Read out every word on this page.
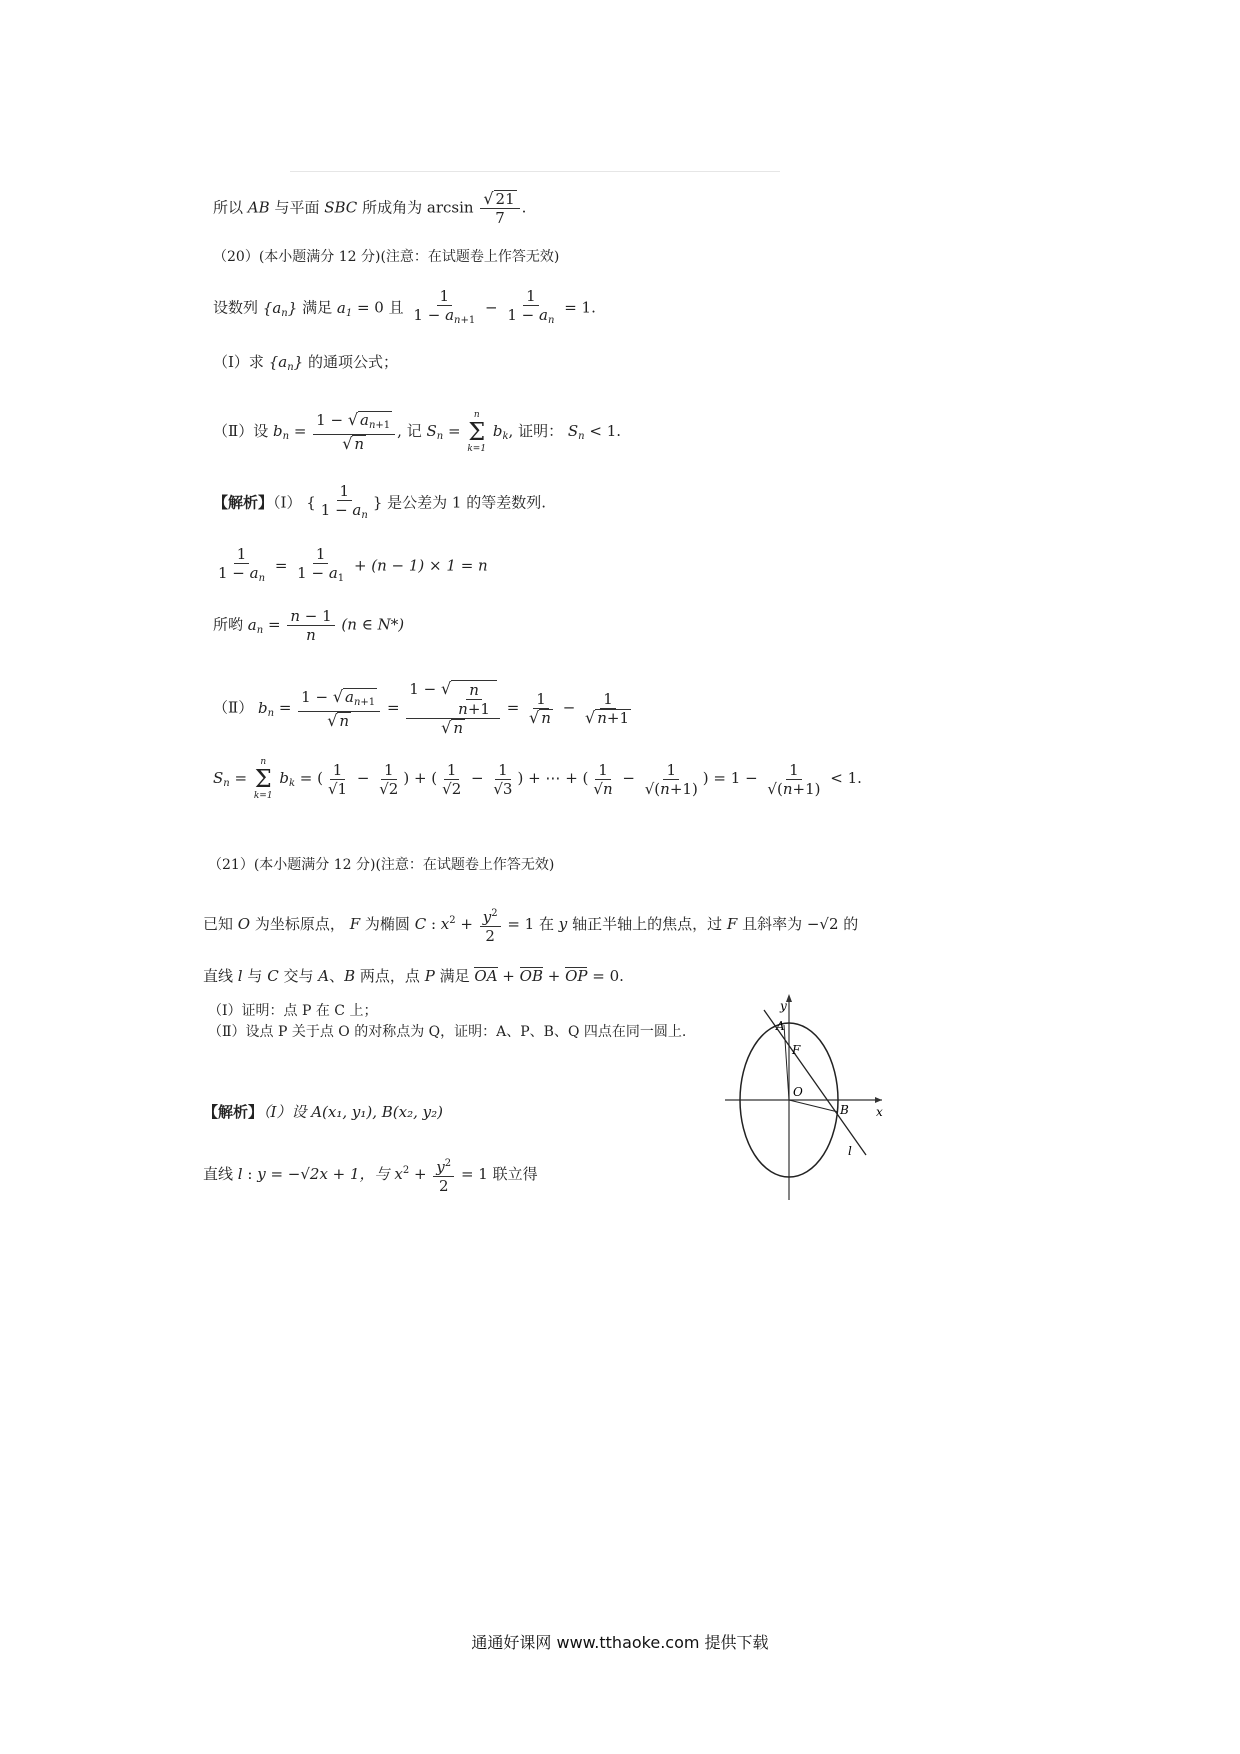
所以 AB 与平面 SBC 所成角为 $\arcsin \frac{√ 21}{7}$ .
（20）(本小题满分 12 分)(注意：在试题卷上作答无效)
设数列 $\{a_n\}$ 满足 $a_1 = 0$ 且 $\frac{1}{1 - a_{n+1}} - \frac{1}{1 - a_n} = 1$.
（Ⅰ）求 $\{a_n\}$ 的通项公式；
（Ⅱ）设 $b_n = \frac{1 - √ a_{n+1}}{√ n}$ , 记 $S_n$ =
n
Σ
k=1
$b_k$, 证明： $S_n < 1$.
【解析】（Ⅰ） { $\frac{1}{1 - a_n}$ } 是公差为 1 的等差数列.
$\frac{1}{1 - a_n} = \frac{1}{1 - a_1} + (n - 1) \times 1 = n$
所哟 $a_n = \frac{n - 1}{n} (n$ ∈ N*)
（Ⅱ） $b_n = \frac{1 - √ a_{n+1}}{√ n} = \frac{1 - √ \frac{n}{n+1}}{√ n} = \frac{1}{√ n} - \frac{1}{√ n+1}$
$S_n$ =
n
Σ
k=1
$b_k$ = ( $\frac{1}{√1} - \frac{1}{√2}$ ) + ( $\frac{1}{√2} - \frac{1}{√3}$ ) + ⋯ + ( $\frac{1}{√n} - \frac{1}{√(n+1)}$ ) = $1 - \frac{1}{√(n+1)} < 1$.
（21）(本小题满分 12 分)(注意：在试题卷上作答无效)
已知 O 为坐标原点， F 为椭圆 C : $x^2 + \frac{y^2}{2} = 1$ 在 y 轴正半轴上的焦点，过 F 且斜率为 −√2 的
直线 l 与 C 交与 A、B 两点，点 P 满足 OA + OB + OP = 0.
（Ⅰ）证明：点 P 在 C 上；
（Ⅱ）设点 P 关于点 O 的对称点为 Q，证明：A、P、B、Q 四点在同一圆上.
【解析】（Ⅰ）设 A(x₁, y₁), B(x₂, y₂)
直线 l : y = −√2x + 1，与 $x^2 + \frac{y^2}{2} = 1$ 联立得
y
x
A
F
O
B
l
通通好课网 www.tthaoke.com 提供下载
